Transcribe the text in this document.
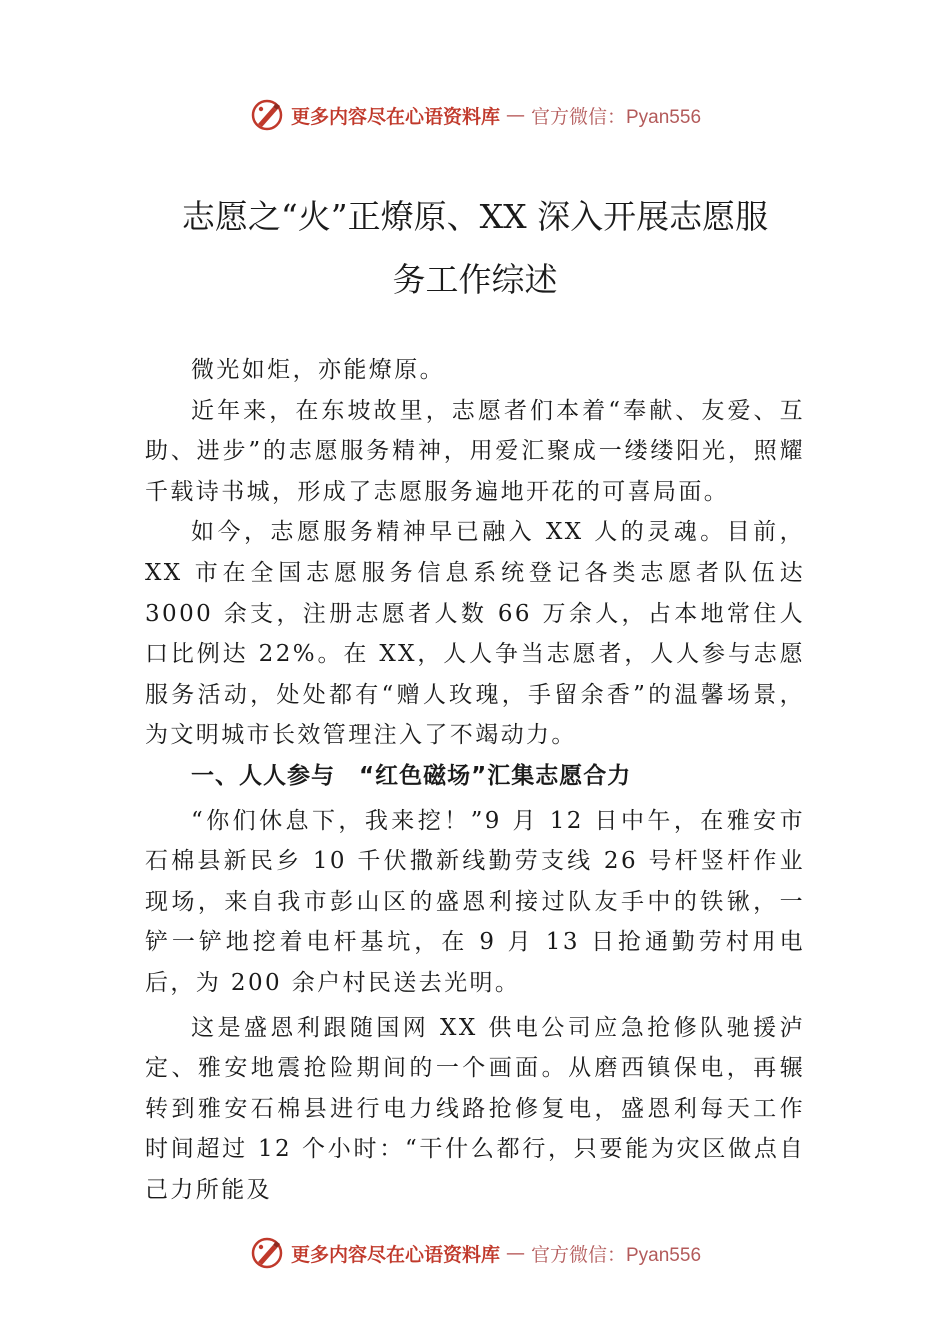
更多内容尽在心语资料库 — 官方微信：Pyan556
志愿之“火”正燎原、XX 深入开展志愿服
务工作综述

微光如炬，亦能燎原。

近年来，在东坡故里，志愿者们本着“奉献、友爱、互助、进步”的志愿服务精神，用爱汇聚成一缕缕阳光，照耀千载诗书城，形成了志愿服务遍地开花的可喜局面。

如今，志愿服务精神早已融入 XX 人的灵魂。目前，XX 市在全国志愿服务信息系统登记各类志愿者队伍达 3000 余支，注册志愿者人数 66 万余人，占本地常住人口比例达 22%。在 XX，人人争当志愿者，人人参与志愿服务活动，处处都有“赠人玫瑰，手留余香”的温馨场景，为文明城市长效管理注入了不竭动力。

一、人人参与　“红色磁场”汇集志愿合力

“你们休息下，我来挖！”9 月 12 日中午，在雅安市石棉县新民乡 10 千伏撒新线勤劳支线 26 号杆竖杆作业现场，来自我市彭山区的盛恩利接过队友手中的铁锹，一铲一铲地挖着电杆基坑，在 9 月 13 日抢通勤劳村用电后，为 200 余户村民送去光明。

这是盛恩利跟随国网 XX 供电公司应急抢修队驰援泸定、雅安地震抢险期间的一个画面。从磨西镇保电，再辗转到雅安石棉县进行电力线路抢修复电，盛恩利每天工作时间超过 12 个小时：“干什么都行，只要能为灾区做点自己力所能及

更多内容尽在心语资料库 — 官方微信：Pyan556
